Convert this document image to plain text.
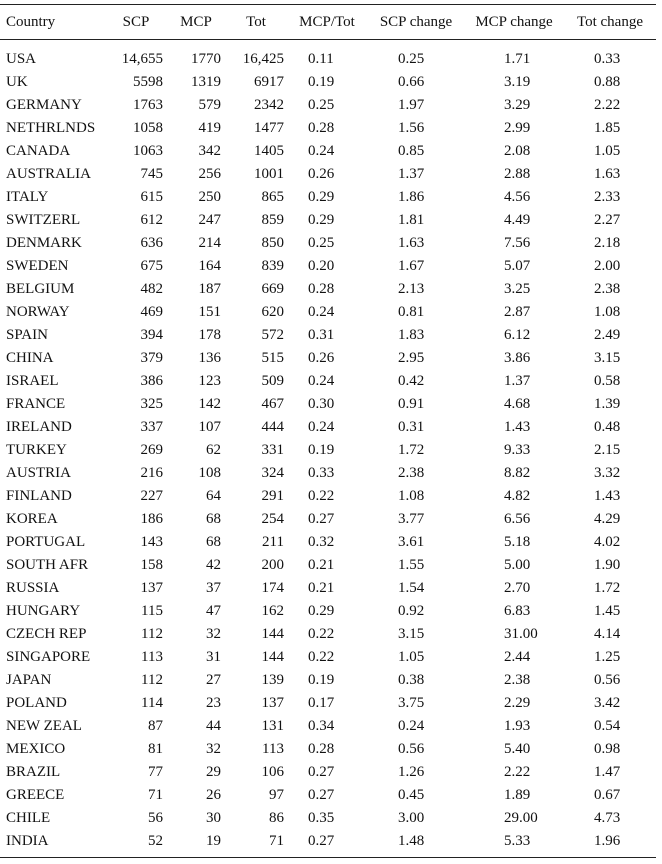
Country	SCP	MCP	Tot	MCP/Tot	SCP change	MCP change	Tot change
USA	14,655	1770	16,425	0.11	0.25	1.71	0.33
UK	5598	1319	6917	0.19	0.66	3.19	0.88
GERMANY	1763	579	2342	0.25	1.97	3.29	2.22
NETHRLNDS	1058	419	1477	0.28	1.56	2.99	1.85
CANADA	1063	342	1405	0.24	0.85	2.08	1.05
AUSTRALIA	745	256	1001	0.26	1.37	2.88	1.63
ITALY	615	250	865	0.29	1.86	4.56	2.33
SWITZERL	612	247	859	0.29	1.81	4.49	2.27
DENMARK	636	214	850	0.25	1.63	7.56	2.18
SWEDEN	675	164	839	0.20	1.67	5.07	2.00
BELGIUM	482	187	669	0.28	2.13	3.25	2.38
NORWAY	469	151	620	0.24	0.81	2.87	1.08
SPAIN	394	178	572	0.31	1.83	6.12	2.49
CHINA	379	136	515	0.26	2.95	3.86	3.15
ISRAEL	386	123	509	0.24	0.42	1.37	0.58
FRANCE	325	142	467	0.30	0.91	4.68	1.39
IRELAND	337	107	444	0.24	0.31	1.43	0.48
TURKEY	269	62	331	0.19	1.72	9.33	2.15
AUSTRIA	216	108	324	0.33	2.38	8.82	3.32
FINLAND	227	64	291	0.22	1.08	4.82	1.43
KOREA	186	68	254	0.27	3.77	6.56	4.29
PORTUGAL	143	68	211	0.32	3.61	5.18	4.02
SOUTH AFR	158	42	200	0.21	1.55	5.00	1.90
RUSSIA	137	37	174	0.21	1.54	2.70	1.72
HUNGARY	115	47	162	0.29	0.92	6.83	1.45
CZECH REP	112	32	144	0.22	3.15	31.00	4.14
SINGAPORE	113	31	144	0.22	1.05	2.44	1.25
JAPAN	112	27	139	0.19	0.38	2.38	0.56
POLAND	114	23	137	0.17	3.75	2.29	3.42
NEW ZEAL	87	44	131	0.34	0.24	1.93	0.54
MEXICO	81	32	113	0.28	0.56	5.40	0.98
BRAZIL	77	29	106	0.27	1.26	2.22	1.47
GREECE	71	26	97	0.27	0.45	1.89	0.67
CHILE	56	30	86	0.35	3.00	29.00	4.73
INDIA	52	19	71	0.27	1.48	5.33	1.96
